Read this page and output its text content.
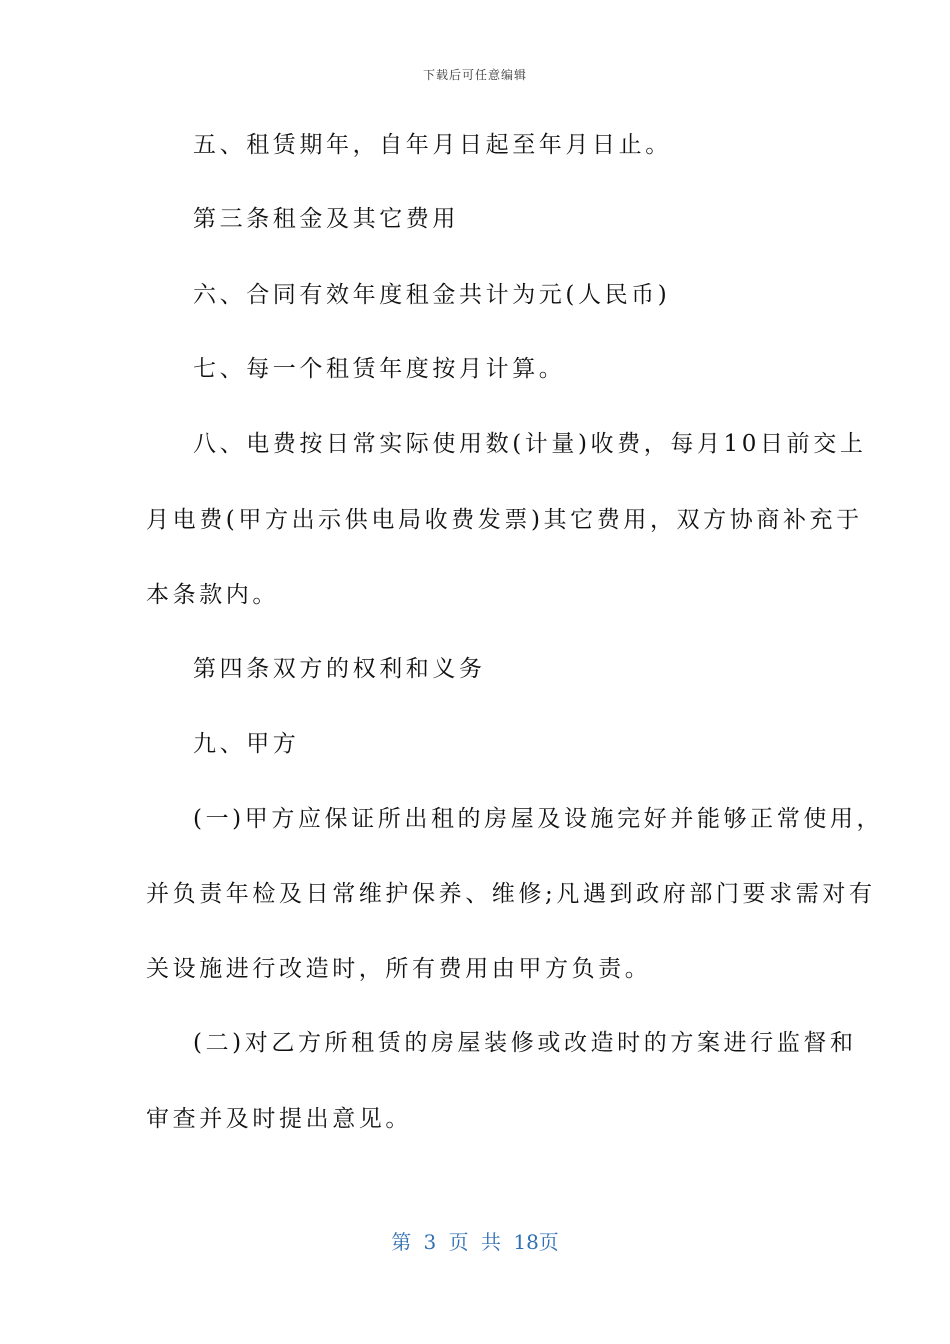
下载后可任意编辑
五、租赁期年，自年月日起至年月日止。
第三条租金及其它费用
六、合同有效年度租金共计为元(人民币)
七、每一个租赁年度按月计算。
八、电费按日常实际使用数(计量)收费，每月10日前交上
月电费(甲方出示供电局收费发票)其它费用，双方协商补充于
本条款内。
第四条双方的权利和义务
九、甲方
(一)甲方应保证所出租的房屋及设施完好并能够正常使用，
并负责年检及日常维护保养、维修;凡遇到政府部门要求需对有
关设施进行改造时，所有费用由甲方负责。
(二)对乙方所租赁的房屋装修或改造时的方案进行监督和
审查并及时提出意见。
第 3 页 共 18页
